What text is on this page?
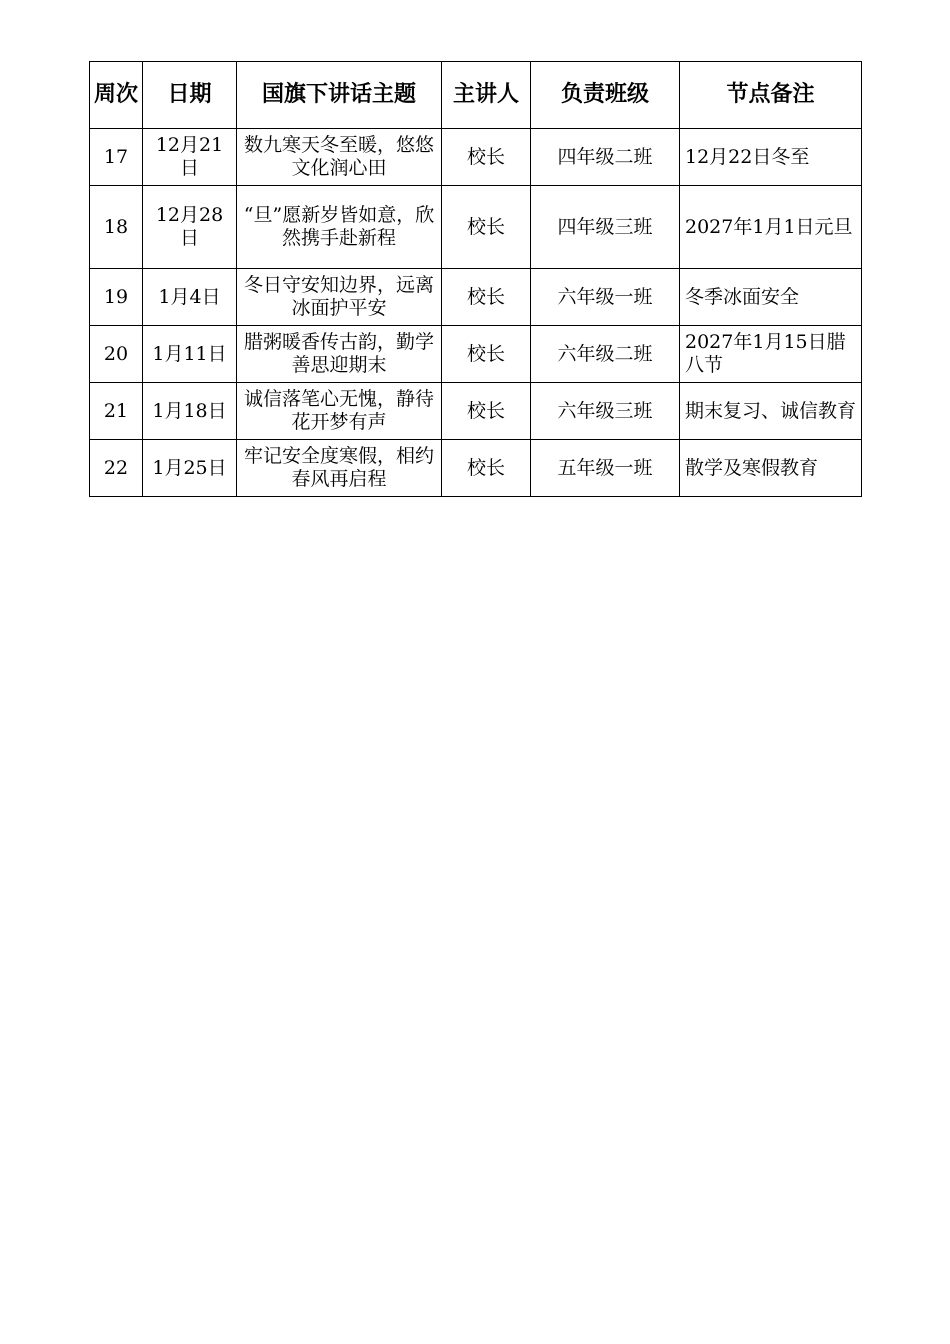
周次	日期	国旗下讲话主题	主讲人	负责班级	节点备注
17	12月21日	数九寒天冬至暖，悠悠文化润心田	校长	四年级二班	12月22日冬至
18	12月28日	“旦”愿新岁皆如意，欣然携手赴新程	校长	四年级三班	2027年1月1日元旦
19	1月4日	冬日守安知边界，远离冰面护平安	校长	六年级一班	冬季冰面安全
20	1月11日	腊粥暖香传古韵，勤学善思迎期末	校长	六年级二班	2027年1月15日腊八节
21	1月18日	诚信落笔心无愧，静待花开梦有声	校长	六年级三班	期末复习、诚信教育
22	1月25日	牢记安全度寒假，相约春风再启程	校长	五年级一班	散学及寒假教育
